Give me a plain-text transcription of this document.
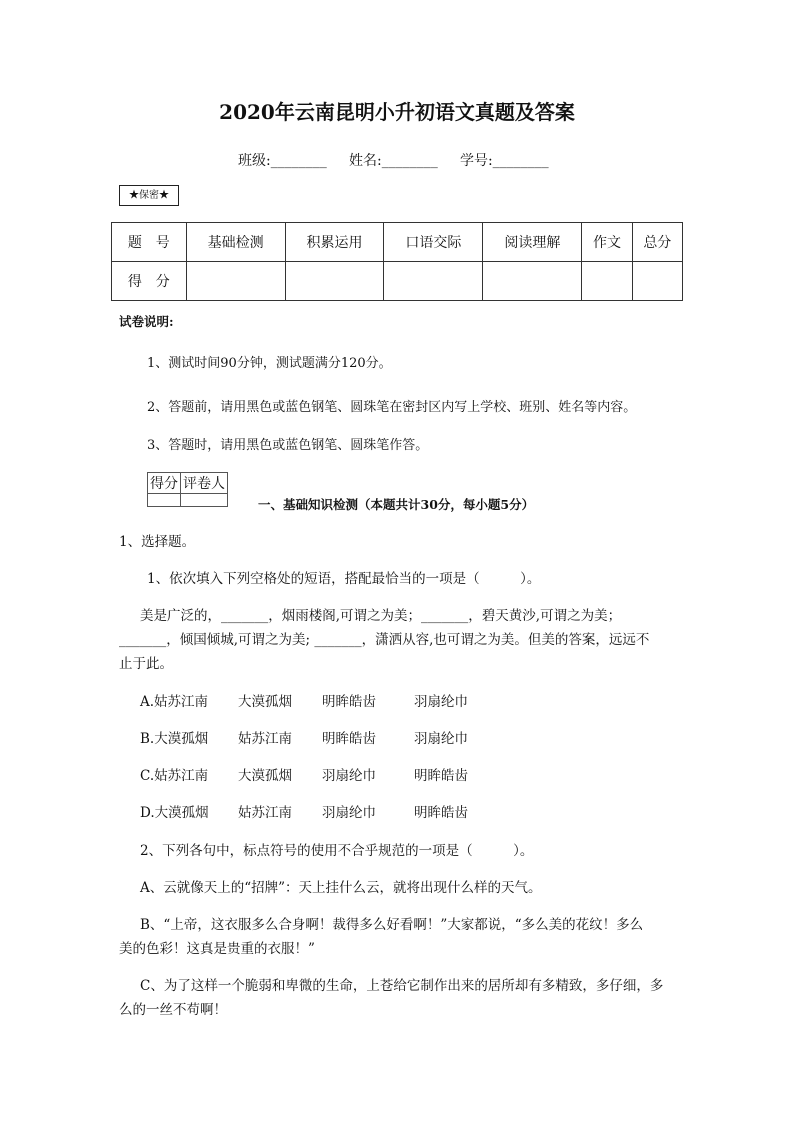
2020年云南昆明小升初语文真题及答案
班级:________ 姓名:________ 学号:________
★保密★
题　号	基础检测	积累运用	口语交际	阅读理解	作文	总分
得　分						
试卷说明:
1、测试时间90分钟，测试题满分120分。
2、答题前，请用黑色或蓝色钢笔、圆珠笔在密封区内写上学校、班别、姓名等内容。
3、答题时，请用黑色或蓝色钢笔、圆珠笔作答。
得分	评卷人

一、基础知识检测（本题共计30分，每小题5分）
1、选择题。
1、依次填入下列空格处的短语，搭配最恰当的一项是（　　　）。
美是广泛的，_______，烟雨楼阁,可谓之为美；_______，碧天黄沙,可谓之为美；
_______，倾国倾城,可谓之为美; _______，潇洒从容,也可谓之为美。但美的答案，远远不
止于此。
A.姑苏江南 大漠孤烟 明眸皓齿	羽扇纶巾
B.大漠孤烟 姑苏江南 明眸皓齿	羽扇纶巾
C.姑苏江南 大漠孤烟 羽扇纶巾	明眸皓齿
D.大漠孤烟 姑苏江南 羽扇纶巾	明眸皓齿
2、下列各句中，标点符号的使用不合乎规范的一项是（　　　）。
A、云就像天上的“招牌”：天上挂什么云，就将出现什么样的天气。
B、“上帝，这衣服多么合身啊！裁得多么好看啊！”大家都说，“多么美的花纹！多么
美的色彩！这真是贵重的衣服！”
C、为了这样一个脆弱和卑微的生命，上苍给它制作出来的居所却有多精致，多仔细，多
么的一丝不苟啊！
